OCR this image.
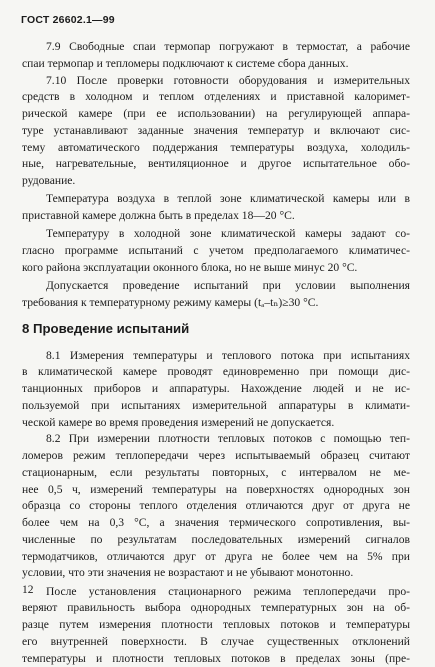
ГОСТ 26602.1—99
7.9 Свободные спаи термопар погружают в термостат, а рабочие
спаи термопар и тепломеры подключают к системе сбора данных.
7.10 После проверки готовности оборудования и измерительных
средств в холодном и теплом отделениях и приставной калоримет-
рической камере (при ее использовании) на регулирующей аппара-
туре устанавливают заданные значения температур и включают сис-
тему автоматического поддержания температуры воздуха, холодиль-
ные, нагревательные, вентиляционное и другое испытательное обо-
рудование.
Температура воздуха в теплой зоне климатической камеры или в
приставной камере должна быть в пределах 18—20 °С.
Температуру в холодной зоне климатической камеры задают со-
гласно программе испытаний с учетом предполагаемого климатичес-
кого района эксплуатации оконного блока, но не выше минус 20 °С.
Допускается проведение испытаний при условии выполнения
требования к температурному режиму камеры (tₐ–tₙ)≥30 °С.
8 Проведение испытаний
8.1 Измерения температуры и теплового потока при испытаниях
в климатической камере проводят единовременно при помощи дис-
танционных приборов и аппаратуры. Нахождение людей и не ис-
пользуемой при испытаниях измерительной аппаратуры в климати-
ческой камере во время проведения измерений не допускается.
8.2 При измерении плотности тепловых потоков с помощью теп-
ломеров режим теплопередачи через испытываемый образец считают
стационарным, если результаты повторных, с интервалом не ме-
нее 0,5 ч, измерений температуры на поверхностях однородных зон
образца со стороны теплого отделения отличаются друг от друга не
более чем на 0,3 °С, а значения термического сопротивления, вы-
численные по результатам последовательных измерений сигналов
термодатчиков, отличаются друг от друга не более чем на 5% при
условии, что эти значения не возрастают и не убывают монотонно.
После установления стационарного режима теплопередачи про-
веряют правильность выбора однородных температурных зон на об-
разце путем измерения плотности тепловых потоков и температуры
его внутренней поверхности. В случае существенных отклонений
температуры и плотности тепловых потоков в пределах зоны (пре-
12
